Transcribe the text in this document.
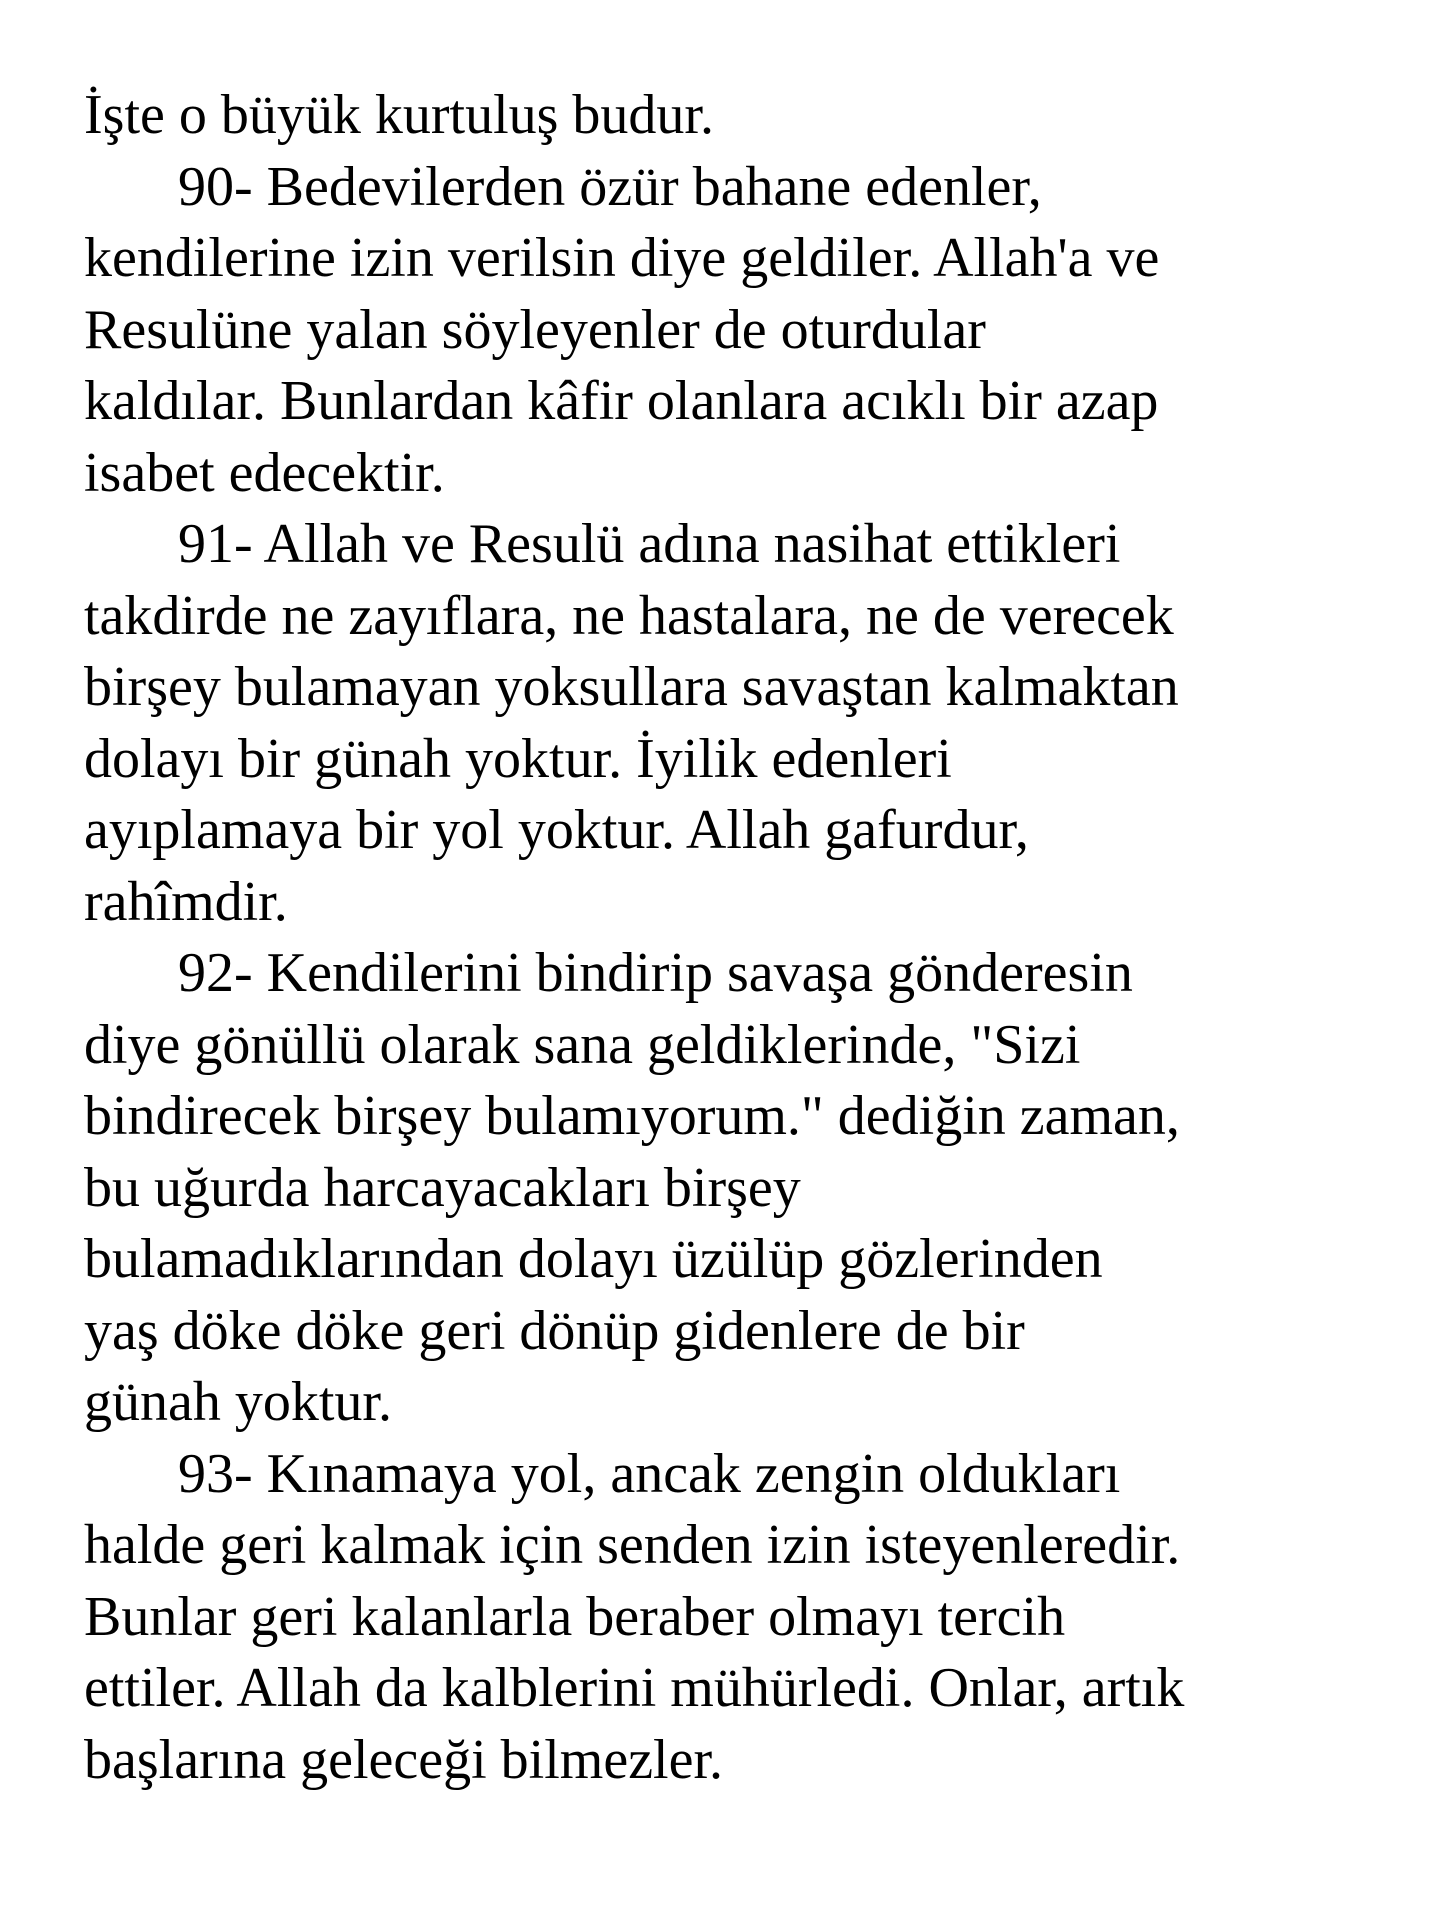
İşte o büyük kurtuluş budur.
90- Bedevilerden özür bahane edenler,
kendilerine izin verilsin diye geldiler. Allah'a ve
Resulüne yalan söyleyenler de oturdular
kaldılar. Bunlardan kâfir olanlara acıklı bir azap
isabet edecektir.
91- Allah ve Resulü adına nasihat ettikleri
takdirde ne zayıflara, ne hastalara, ne de verecek
birşey bulamayan yoksullara savaştan kalmaktan
dolayı bir günah yoktur. İyilik edenleri
ayıplamaya bir yol yoktur. Allah gafurdur,
rahîmdir.
92- Kendilerini bindirip savaşa gönderesin
diye gönüllü olarak sana geldiklerinde, "Sizi
bindirecek birşey bulamıyorum." dediğin zaman,
bu uğurda harcayacakları birşey
bulamadıklarından dolayı üzülüp gözlerinden
yaş döke döke geri dönüp gidenlere de bir
günah yoktur.
93- Kınamaya yol, ancak zengin oldukları
halde geri kalmak için senden izin isteyenleredir.
Bunlar geri kalanlarla beraber olmayı tercih
ettiler. Allah da kalblerini mühürledi. Onlar, artık
başlarına geleceği bilmezler.
